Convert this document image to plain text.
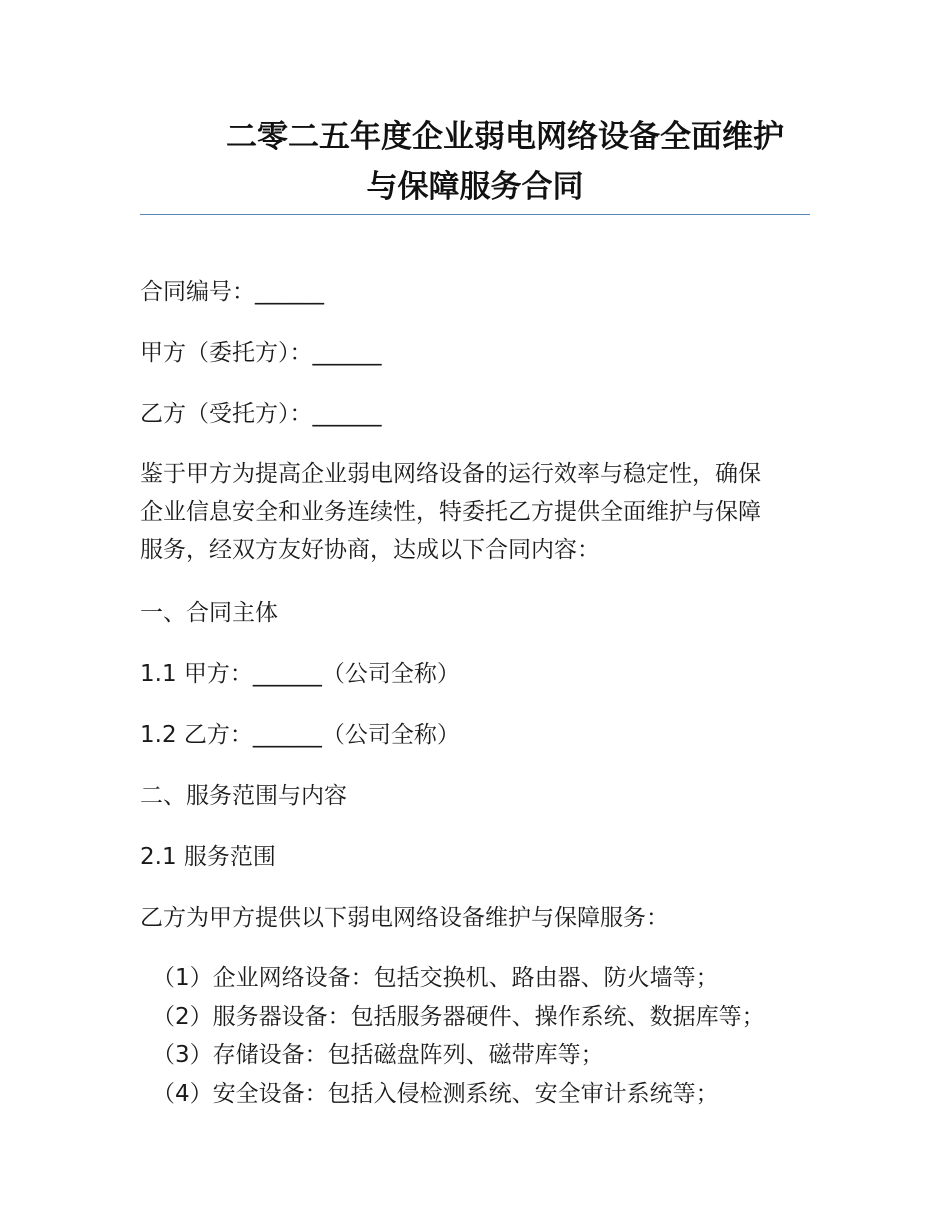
二零二五年度企业弱电网络设备全面维护
与保障服务合同
合同编号：______
甲方（委托方）：______
乙方（受托方）：______
鉴于甲方为提高企业弱电网络设备的运行效率与稳定性，确保
企业信息安全和业务连续性，特委托乙方提供全面维护与保障
服务，经双方友好协商，达成以下合同内容：
一、合同主体
1.1 甲方：______（公司全称）
1.2 乙方：______（公司全称）
二、服务范围与内容
2.1 服务范围
乙方为甲方提供以下弱电网络设备维护与保障服务：
（1）企业网络设备：包括交换机、路由器、防火墙等；
（2）服务器设备：包括服务器硬件、操作系统、数据库等；
（3）存储设备：包括磁盘阵列、磁带库等；
（4）安全设备：包括入侵检测系统、安全审计系统等；
